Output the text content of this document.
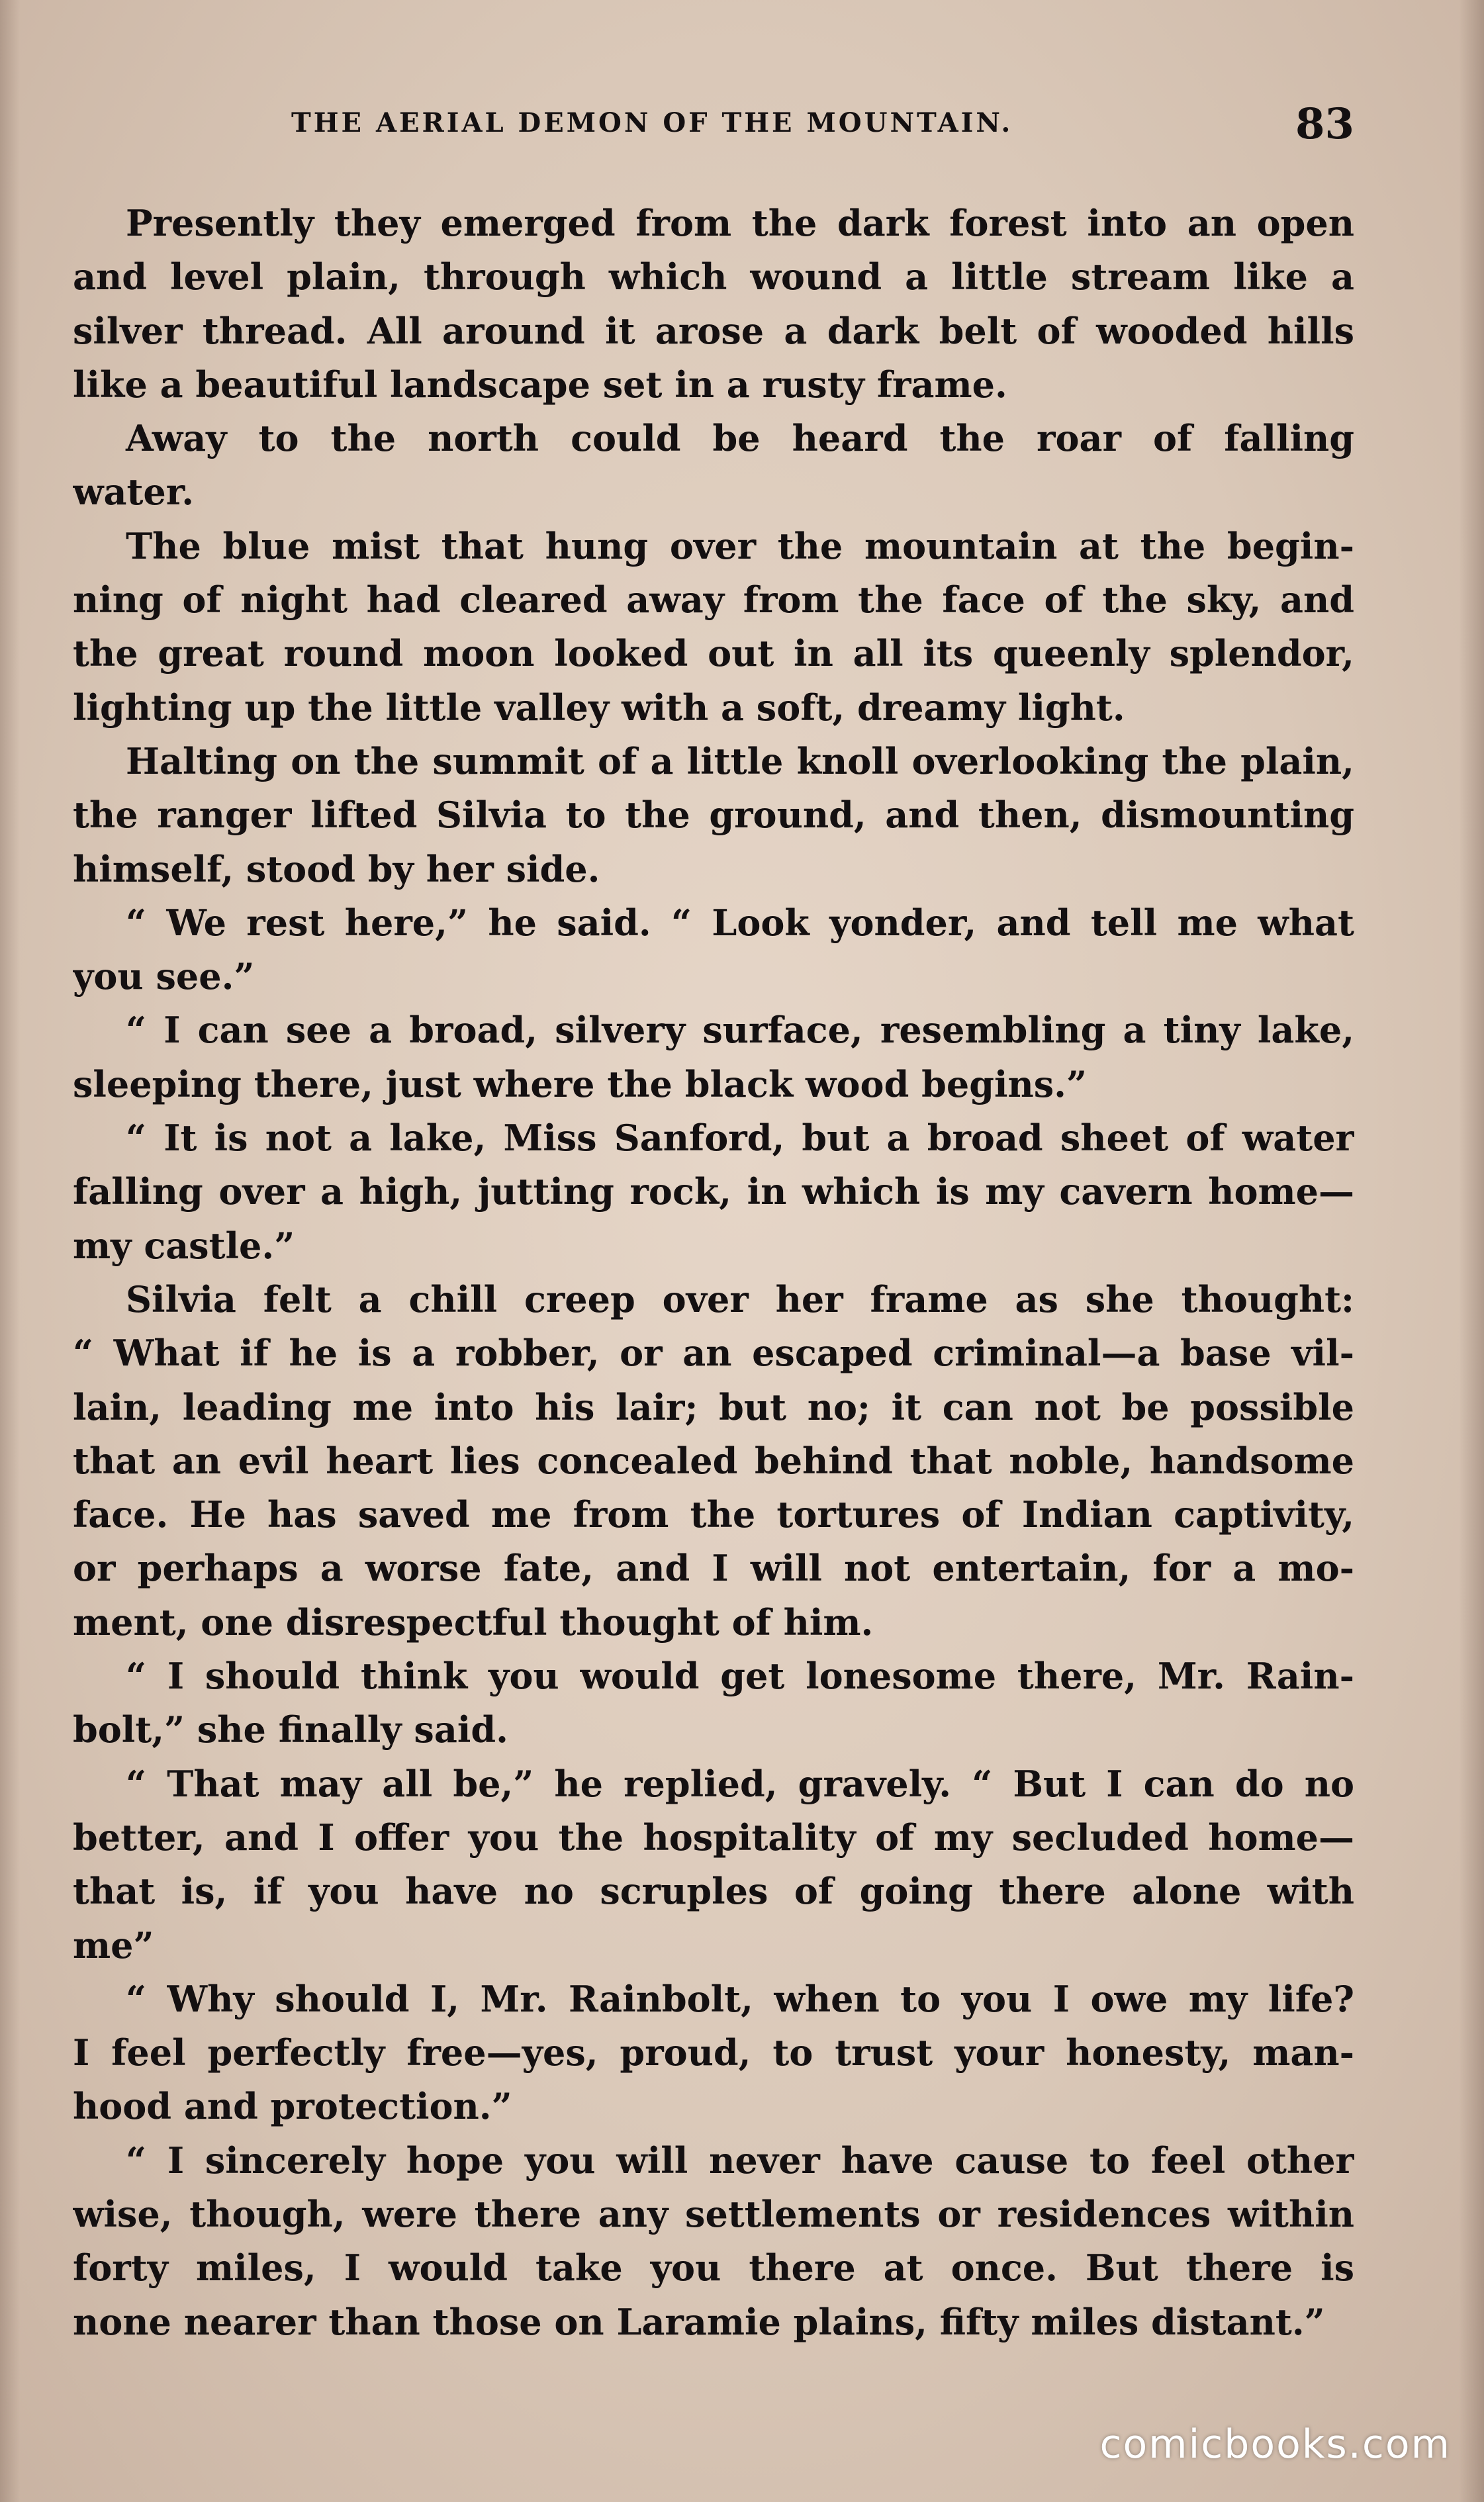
THE AERIAL DEMON OF THE MOUNTAIN.	83
Presently they emerged from the dark forest into an open
and level plain, through which wound a little stream like a
silver thread. All around it arose a dark belt of wooded hills
like a beautiful landscape set in a rusty frame.
Away to the north could be heard the roar of falling
water.
The blue mist that hung over the mountain at the begin-
ning of night had cleared away from the face of the sky, and
the great round moon looked out in all its queenly splendor,
lighting up the little valley with a soft, dreamy light.
Halting on the summit of a little knoll overlooking the plain,
the ranger lifted Silvia to the ground, and then, dismounting
himself, stood by her side.
“ We rest here,” he said. “ Look yonder, and tell me what
you see.”
“ I can see a broad, silvery surface, resembling a tiny lake,
sleeping there, just where the black wood begins.”
“ It is not a lake, Miss Sanford, but a broad sheet of water
falling over a high, jutting rock, in which is my cavern home—
my castle.”
Silvia felt a chill creep over her frame as she thought:
“ What if he is a robber, or an escaped criminal—a base vil-
lain, leading me into his lair; but no; it can not be possible
that an evil heart lies concealed behind that noble, handsome
face. He has saved me from the tortures of Indian captivity,
or perhaps a worse fate, and I will not entertain, for a mo-
ment, one disrespectful thought of him.
“ I should think you would get lonesome there, Mr. Rain-
bolt,” she finally said.
“ That may all be,” he replied, gravely. “ But I can do no
better, and I offer you the hospitality of my secluded home—
that is, if you have no scruples of going there alone with
me”
“ Why should I, Mr. Rainbolt, when to you I owe my life?
I feel perfectly free—yes, proud, to trust your honesty, man-
hood and protection.”
“ I sincerely hope you will never have cause to feel other
wise, though, were there any settlements or residences within
forty miles, I would take you there at once. But there is
none nearer than those on Laramie plains, fifty miles distant.”
comicbooks.com
